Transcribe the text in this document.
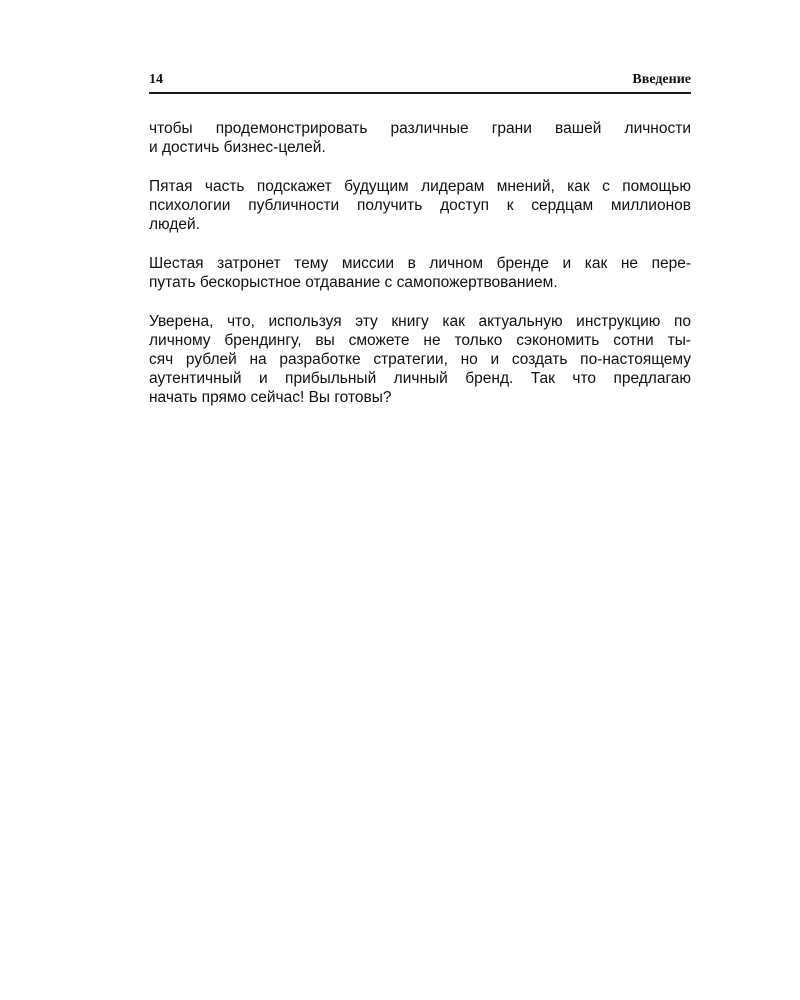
14	Введение

чтобы продемонстрировать различные грани вашей личности
и достичь бизнес-целей.

Пятая часть подскажет будущим лидерам мнений, как с помощью
психологии публичности получить доступ к сердцам миллионов
людей.

Шестая затронет тему миссии в личном бренде и как не пере-
путать бескорыстное отдавание с самопожертвованием.

Уверена, что, используя эту книгу как актуальную инструкцию по
личному брендингу, вы сможете не только сэкономить сотни ты-
сяч рублей на разработке стратегии, но и создать по-настоящему
аутентичный и прибыльный личный бренд. Так что предлагаю
начать прямо сейчас! Вы готовы?
